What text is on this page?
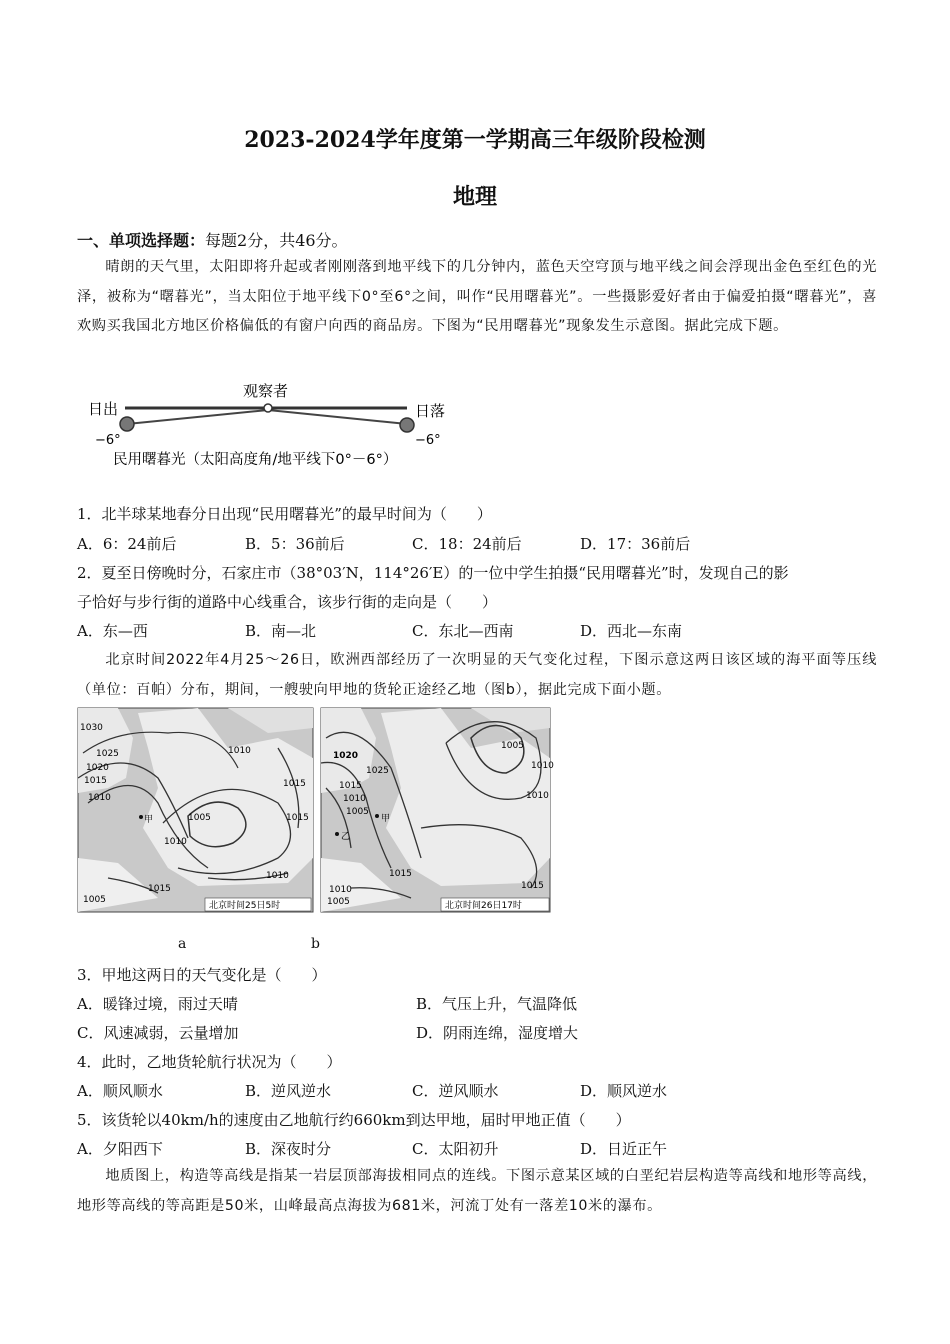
2023-2024学年度第一学期高三年级阶段检测
地理
一、单项选择题：每题2分，共46分。
晴朗的天气里，太阳即将升起或者刚刚落到地平线下的几分钟内，蓝色天空穹顶与地平线之间会浮现出金色至红色的光泽，被称为“曙暮光”，当太阳位于地平线下0°至6°之间，叫作“民用曙暮光”。一些摄影爱好者由于偏爱拍摄“曙暮光”，喜欢购买我国北方地区价格偏低的有窗户向西的商品房。下图为“民用曙暮光”现象发生示意图。据此完成下题。
观察者
日出	日落
−6°	−6°
民用曙暮光（太阳高度角/地平线下0°－6°）
1．北半球某地春分日出现“民用曙暮光”的最早时间为（　　）
A．6：24前后	B．5：36前后	C．18：24前后	D．17：36前后
2．夏至日傍晚时分，石家庄市（38°03′N，114°26′E）的一位中学生拍摄“民用曙暮光”时，发现自己的影
子恰好与步行街的道路中心线重合，该步行街的走向是（　　）
A．东—西	B．南—北	C．东北—西南	D．西北—东南
北京时间2022年4月25～26日，欧洲西部经历了一次明显的天气变化过程，下图示意这两日该区域的海平面等压线（单位：百帕）分布，期间，一艘驶向甲地的货轮正途经乙地（图b），据此完成下面小题。
1030
1025
1020
1015
1010
1005
1010
1015
1010
1015
1010
1005
1015
甲
北京时间25日5时
1020
1025
1015
1010
1005
1005
1010
1015
1015
1010
1005
1010
甲
乙
北京时间26日17时
a	b
3．甲地这两日的天气变化是（　　）
A．暖锋过境，雨过天晴	B．气压上升，气温降低
C．风速减弱，云量增加	D．阴雨连绵，湿度增大
4．此时，乙地货轮航行状况为（　　）
A．顺风顺水	B．逆风逆水	C．逆风顺水	D．顺风逆水
5．该货轮以40km/h的速度由乙地航行约660km到达甲地，届时甲地正值（　　）
A．夕阳西下	B．深夜时分	C．太阳初升	D．日近正午
地质图上，构造等高线是指某一岩层顶部海拔相同点的连线。下图示意某区域的白垩纪岩层构造等高线和地形等高线，地形等高线的等高距是50米，山峰最高点海拔为681米，河流丁处有一落差10米的瀑布。
